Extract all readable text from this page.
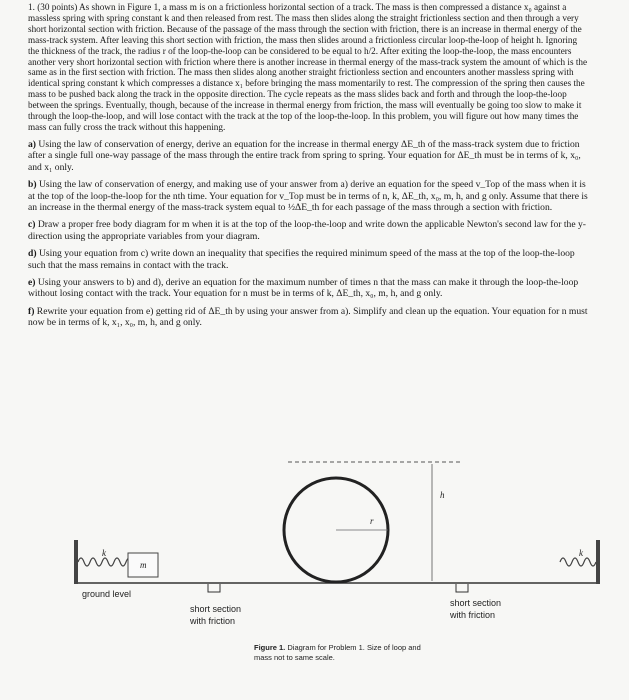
1. (30 points) As shown in Figure 1, a mass m is on a frictionless horizontal section of a track. The mass is then compressed a distance x₀ against a massless spring with spring constant k and then released from rest. The mass then slides along the straight frictionless section and then through a very short horizontal section with friction. Because of the passage of the mass through the section with friction, there is an increase in thermal energy of the mass-track system. After leaving this short section with friction, the mass then slides around a frictionless circular loop-the-loop of height h. Ignoring the thickness of the track, the radius r of the loop-the-loop can be considered to be equal to h/2. After exiting the loop-the-loop, the mass encounters another very short horizontal section with friction where there is another increase in thermal energy of the mass-track system the amount of which is the same as in the first section with friction. The mass then slides along another straight frictionless section and encounters another massless spring with identical spring constant k which compresses a distance x₁ before bringing the mass momentarily to rest. The compression of the spring then causes the mass to be pushed back along the track in the opposite direction. The cycle repeats as the mass slides back and forth and through the loop-the-loop between the springs. Eventually, though, because of the increase in thermal energy from friction, the mass will eventually be going too slow to make it through the loop-the-loop, and will lose contact with the track at the top of the loop-the-loop. In this problem, you will figure out how many times the mass can fully cross the track without this happening.

a) Using the law of conservation of energy, derive an equation for the increase in thermal energy ΔE_th of the mass-track system due to friction after a single full one-way passage of the mass through the entire track from spring to spring. Your equation for ΔE_th must be in terms of k, x₀, and x₁ only.

b) Using the law of conservation of energy, and making use of your answer from a) derive an equation for the speed v_Top of the mass when it is at the top of the loop-the-loop for the nth time. Your equation for v_Top must be in terms of n, k, ΔE_th, x₀, m, h, and g only. Assume that there is an increase in the thermal energy of the mass-track system equal to ½ΔE_th for each passage of the mass through a section with friction.

c) Draw a proper free body diagram for m when it is at the top of the loop-the-loop and write down the applicable Newton's second law for the y-direction using the appropriate variables from your diagram.

d) Using your equation from c) write down an inequality that specifies the required minimum speed of the mass at the top of the loop-the-loop such that the mass remains in contact with the track.

e) Using your answers to b) and d), derive an equation for the maximum number of times n that the mass can make it through the loop-the-loop without losing contact with the track. Your equation for n must be in terms of k, ΔE_th, x₀, m, h, and g only.

f) Rewrite your equation from e) getting rid of ΔE_th by using your answer from a). Simplify and clean up the equation. Your equation for n must now be in terms of k, x₁, x₀, m, h, and g only.

k	k
m
r
h
ground level
short section
with friction
short section
with friction
Figure 1. Diagram for Problem 1. Size of loop and
mass not to same scale.
